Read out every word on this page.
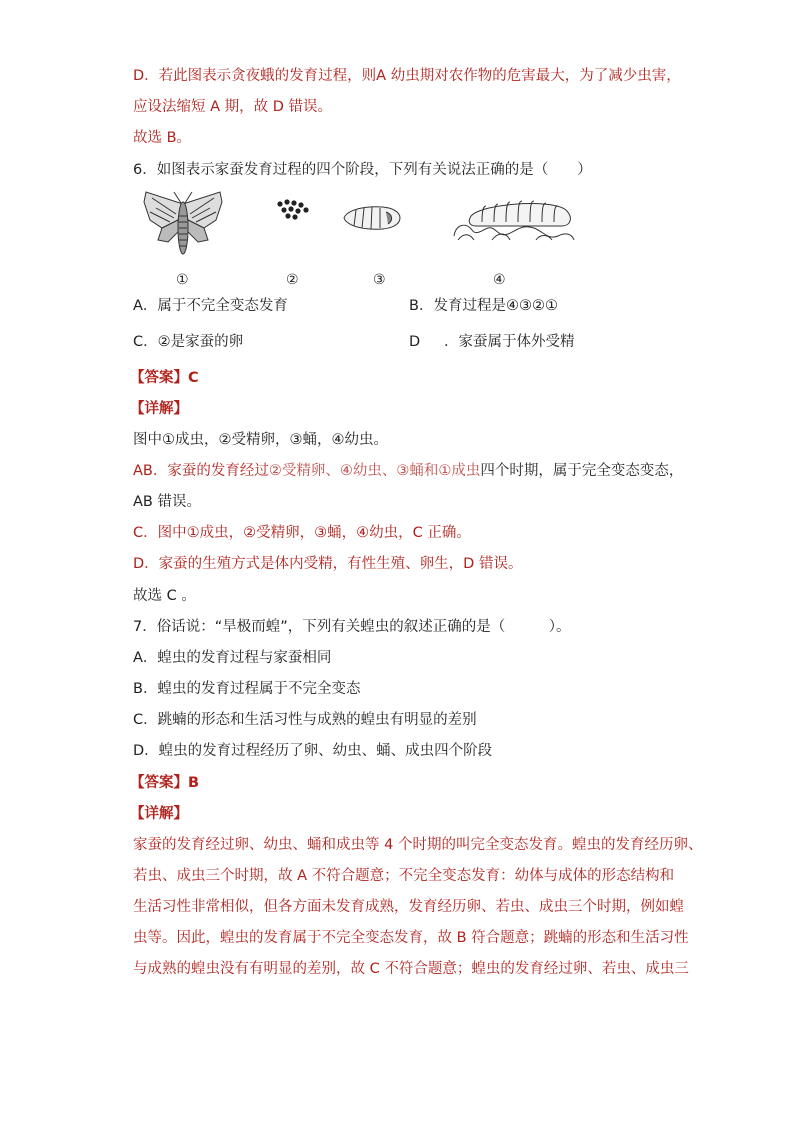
D．若此图表示贪夜蛾的发育过程，则A 幼虫期对农作物的危害最大，为了减少虫害，
应设法缩短 A 期，故 D 错误。
故选 B。
6．如图表示家蚕发育过程的四个阶段，下列有关说法正确的是（　　）
①	②	③	④
A．属于不完全变态发育	B．发育过程是④③②①
C．②是家蚕的卵	D ．家蚕属于体外受精
【答案】C
【详解】
图中①成虫，②受精卵，③蛹，④幼虫。
AB．家蚕的发育经过②受精卵、④幼虫、③蛹和①成虫四个时期，属于完全变态变态，
AB 错误。
C．图中①成虫，②受精卵，③蛹，④幼虫，C 正确。
D．家蚕的生殖方式是体内受精，有性生殖、卵生，D 错误。
故选 C 。
7．俗话说：“旱极而蝗”，下列有关蝗虫的叙述正确的是（　　　）。
A．蝗虫的发育过程与家蚕相同
B．蝗虫的发育过程属于不完全变态
C．跳蝻的形态和生活习性与成熟的蝗虫有明显的差别
D．蝗虫的发育过程经历了卵、幼虫、蛹、成虫四个阶段
【答案】B
【详解】
家蚕的发育经过卵、幼虫、蛹和成虫等 4 个时期的叫完全变态发育。蝗虫的发育经历卵、
若虫、成虫三个时期，故 A 不符合题意；不完全变态发育：幼体与成体的形态结构和
生活习性非常相似，但各方面未发育成熟，发育经历卵、若虫、成虫三个时期，例如蝗
虫等。因此，蝗虫的发育属于不完全变态发育，故 B 符合题意；跳蝻的形态和生活习性
与成熟的蝗虫没有有明显的差别，故 C 不符合题意；蝗虫的发育经过卵、若虫、成虫三
